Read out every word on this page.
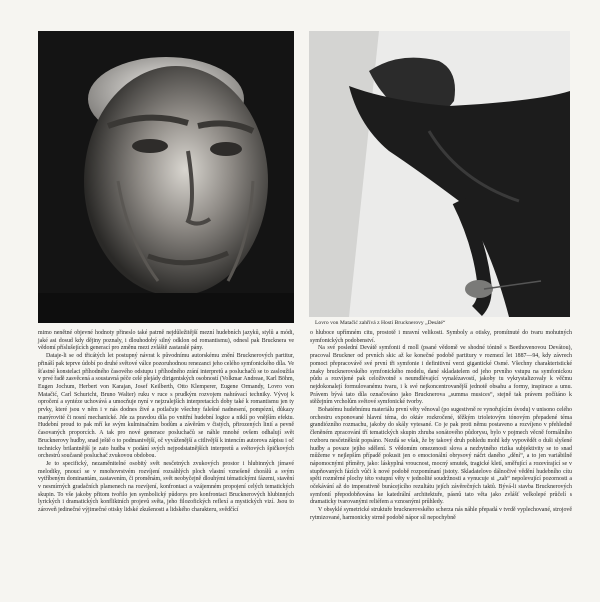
Lovro von Matačić zahřívá z Hostí Brucknerovy „Desáté“

mimo nenětné objevné hodnoty přineslo také patrně nejdůležitější mezní hudebních jazyků, stylů a módi, jaké asi dosud kdy dějiny poznaly, i dlouhodobý silný odklon od romantismu), odnesl pak Brucknera ve vědomí příslušejících generací pro změnu mezi zvláště zastaralé pány.

Dataje-li se od třicátých let postupný návrat k původnímu autorskému znění Brucknerových partitur, přináší pak teprve údobí po druhé světové válce pozoruhodnou renezanci jeho celého symfonického díla. Ve šťastné konstelaci příhodného časového odstupu i příhodného zrání interpretů a posluchačů se to zasloužila v prvé řadě zasvěcená a soustavná péče celé plejády dirigentských osobností (Volkmar Andreae, Karl Böhm, Eugen Jochum, Herbert von Karajan, Josef Keilberth, Otto Klemperer, Eugene Ormandy, Lovro von Matačić, Carl Schuricht, Bruno Walter) ruku v ruce s prudkým rozvojem nahrávací techniky. Vývoj k opročení a syntéze uchovává a umocňuje nyní v nejzralejších interpretacích doby také k romantismu jen ty prvky, které jsou v něm i v nás dodnes živé a potlačuje všechny falešné nadnesení, pompézní, důkazy manýrovité či nosní mechanické. Jde za pravdou díla po vnitřní hudební logice a niklí po vnějším efektu. Hudební proud to pak mří ke svým kulminačním bodům a závěrům v čistých, přirozených linií a pevně časovaných proporcích. A tak pro nové generace posluchačů se náhle mnohé ovšem odhalují svět Brucknerovy hudby, snad ještě o to podmanivější, oč vyváženější a citlivější k intencím autorova zápisu i oč technicky brilantnější je zato hudba v podání svých nejpodstatnějších interpretů a světových špičkových orchestrů současně posluchač zvukovou obdobou.

Je to specifický, nezaměnitelné osobitý svět nesčetných zvukových prostor i hlubinných jímavé melodiky, pnoucí se v mnohovrstvém rozvíjení rozsáhlých ploch vlastní vznešeně chorálů a svým vytříbeným dominantám, zastavením, či proměnám, svět neobyčejně dlouhými tématickými fázemi, stavění v nesmírných gradačních plamenech na rozvíjení, konfrontaci a vzájemném propojení celých tematických skupin. To vše jakoby přitom tvořilo jen symbolický půdorys pro konfrontaci Brucknerových hlubinných lyrických i dramatických konfliktních projevů světa, jeho filozofických reflexí a mystických vizí. Jsou to zároveň jedinečné výjimečné otisky lidské zkušenosti a lidského charakteru, svědčící

o hluboce upřímném citu, prostotě i mravní velikosti. Symboly a otisky, promítnuté do tvaru mohutných symfonických podobenství.

Na své poslední Devátě symfonii d moll (psané vědomě ve shodné tónině s Beethovenovou Devátou), pracoval Bruckner od prvních skic až ke konečné podobě partitury v rozmezí let 1887—94, kdy závrech pomoci přepracovávě své první tři symfonie i definitivní verzi gigantické Osmé. Všechny charakteristické znaky brucknerovského symfonického modelu, dané skladatelem od jeho prvního vstupu na symfonickou půdu a rozvíjené pak celoživotně s neumdlévající vynalézavostí, jakoby tu vykrystalizovaly k věčmu nejdokonalejí formulovanému tvaru, i k své nejkoncentrovanější jednotě obsahu a formy, inspirace a umu. Právem bývá tato díla označováno jako Brucknerova „summa musices“, stejně tak právem počítáno k stěžejním vrcholům světové symfonické tvorby.

Bohatému hudebnímu materiálu první věty věnoval (po sugestivně re vynořujícím úvodu) v unisono celého orchestru exponované hlavní téma, do oktáv rozkročené, těžkým trioletovým tónovým přepadené téma grandiózního rozmachu, jakoby do skály vytesané. Co je pak proti němu postaveno a rozvíjeno v přehledně členěném zpracování tří tematických skupin zhruba sonátového půdorysu, bylo v pojmech věcně formálního rozboru nesčetněkrát popsáno. Nezdá se však, že by takový druh pohledu mohl kdy vypovědět o duši slyšené hudby a povaze jejího sdělení. S vědomím omezenosti slova a nezbytného rizika subjektivity se to snad můžeme v nejlepším případě pokusit jen o emocionální obrysový náčrt daného „dění“, a to jen variábilně nápomocnými příměry, jako: láskyplná vroucnost, mocný smutek, tragické kletí, směřující a rozevírající se v stupňovaných fázích vůči k nové podobě rozpomínaní jistoty. Skladatelovo dálnočivé vědění hudebního cítu spěti rozměrné plochy této vstupní věty v jednolité soudržnosti a vynucuje si „zah“ nepolevující pozornosti a očekávání až do imperativně burácejícího rezultátu jejích závěrečných taktů. Bývá-li stavba Brucknerových symfonií přepodobňována ke katedrální architektuře, pásnů tato věta jako zvlášť velkolepé průčelí s dramaticky tvarovanými reliéfem a vznosnými průhledy.

V obsyklé symetrické struktuře brucknerovského scherza nás náhle přepadá v tvrdě vyplechované, strojově rytmizované, harmonicky strmě podobě nápor síl nepochybně
